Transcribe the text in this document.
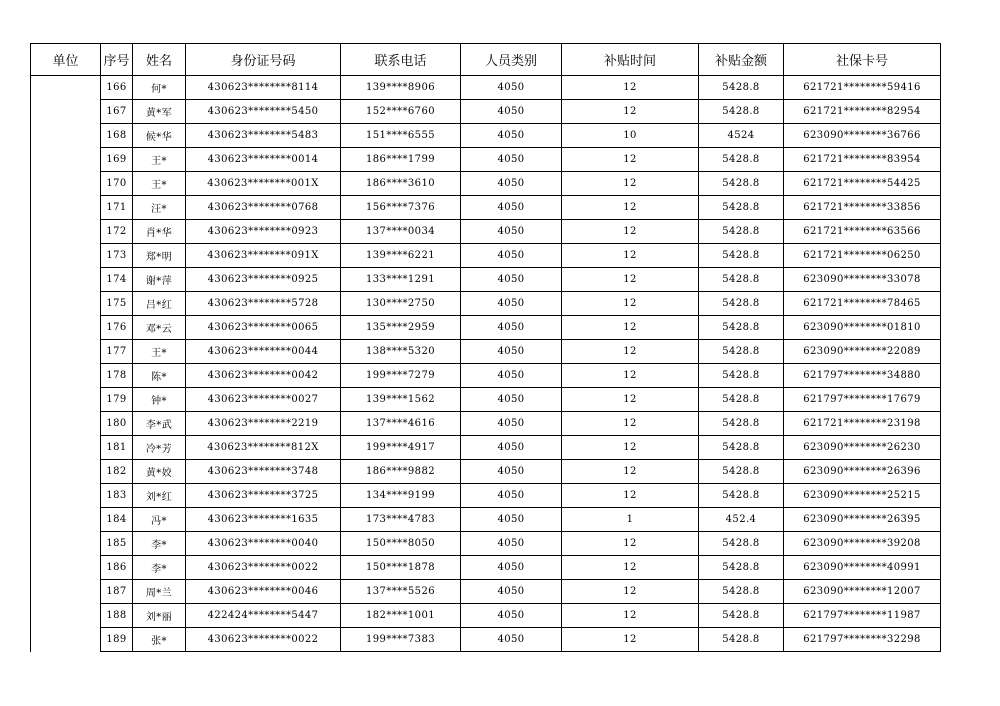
单位	序号	姓名	身份证号码	联系电话	人员类别	补贴时间	补贴金额	社保卡号
	166	何*	430623********8114	139****8906	4050	12	5428.8	621721********59416
	167	黄*军	430623********5450	152****6760	4050	12	5428.8	621721********82954
	168	候*华	430623********5483	151****6555	4050	10	4524	623090********36766
	169	王*	430623********0014	186****1799	4050	12	5428.8	621721********83954
	170	王*	430623********001X	186****3610	4050	12	5428.8	621721********54425
	171	汪*	430623********0768	156****7376	4050	12	5428.8	621721********33856
	172	肖*华	430623********0923	137****0034	4050	12	5428.8	621721********63566
	173	郑*明	430623********091X	139****6221	4050	12	5428.8	621721********06250
	174	谢*萍	430623********0925	133****1291	4050	12	5428.8	623090********33078
	175	吕*红	430623********5728	130****2750	4050	12	5428.8	621721********78465
	176	邓*云	430623********0065	135****2959	4050	12	5428.8	623090********01810
	177	王*	430623********0044	138****5320	4050	12	5428.8	623090********22089
	178	陈*	430623********0042	199****7279	4050	12	5428.8	621797********34880
	179	钟*	430623********0027	139****1562	4050	12	5428.8	621797********17679
	180	李*武	430623********2219	137****4616	4050	12	5428.8	621721********23198
	181	冷*芳	430623********812X	199****4917	4050	12	5428.8	623090********26230
	182	黄*姣	430623********3748	186****9882	4050	12	5428.8	623090********26396
	183	刘*红	430623********3725	134****9199	4050	12	5428.8	623090********25215
	184	冯*	430623********1635	173****4783	4050	1	452.4	623090********26395
	185	李*	430623********0040	150****8050	4050	12	5428.8	623090********39208
	186	李*	430623********0022	150****1878	4050	12	5428.8	623090********40991
	187	周*兰	430623********0046	137****5526	4050	12	5428.8	623090********12007
	188	刘*丽	422424********5447	182****1001	4050	12	5428.8	621797********11987
	189	张*	430623********0022	199****7383	4050	12	5428.8	621797********32298
